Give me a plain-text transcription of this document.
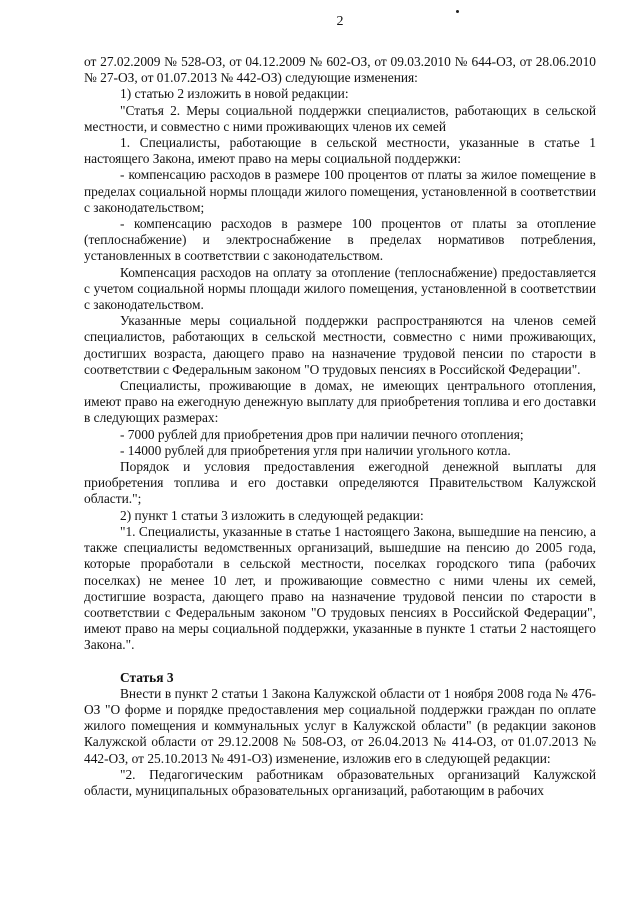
2

от 27.02.2009 № 528-ОЗ, от 04.12.2009 № 602-ОЗ, от 09.03.2010 № 644-ОЗ, от 28.06.2010 № 27-ОЗ, от 01.07.2013 № 442-ОЗ) следующие изменения:

1) статью 2 изложить в новой редакции:

"Статья 2. Меры социальной поддержки специалистов, работающих в сельской местности, и совместно с ними проживающих членов их семей

1. Специалисты, работающие в сельской местности, указанные в статье 1 настоящего Закона, имеют право на меры социальной поддержки:

- компенсацию расходов в размере 100 процентов от платы за жилое помещение в пределах социальной нормы площади жилого помещения, установленной в соответствии с законодательством;

- компенсацию расходов в размере 100 процентов от платы за отопление (теплоснабжение) и электроснабжение в пределах нормативов потребления, установленных в соответствии с законодательством.

Компенсация расходов на оплату за отопление (теплоснабжение) предоставляется с учетом социальной нормы площади жилого помещения, установленной в соответствии с законодательством.

Указанные меры социальной поддержки распространяются на членов семей специалистов, работающих в сельской местности, совместно с ними проживающих, достигших возраста, дающего право на назначение трудовой пенсии по старости в соответствии с Федеральным законом "О трудовых пенсиях в Российской Федерации".

Специалисты, проживающие в домах, не имеющих центрального отопления, имеют право на ежегодную денежную выплату для приобретения топлива и его доставки в следующих размерах:

- 7000 рублей для приобретения дров при наличии печного отопления;

- 14000 рублей для приобретения угля при наличии угольного котла.

Порядок и условия предоставления ежегодной денежной выплаты для приобретения топлива и его доставки определяются Правительством Калужской области.";

2) пункт 1 статьи 3 изложить в следующей редакции:

"1. Специалисты, указанные в статье 1 настоящего Закона, вышедшие на пенсию, а также специалисты ведомственных организаций, вышедшие на пенсию до 2005 года, которые проработали в сельской местности, поселках городского типа (рабочих поселках) не менее 10 лет, и проживающие совместно с ними члены их семей, достигшие возраста, дающего право на назначение трудовой пенсии по старости в соответствии с Федеральным законом "О трудовых пенсиях в Российской Федерации", имеют право на меры социальной поддержки, указанные в пункте 1 статьи 2 настоящего Закона.".

Статья 3

Внести в пункт 2 статьи 1 Закона Калужской области от 1 ноября 2008 года № 476-ОЗ "О форме и порядке предоставления мер социальной поддержки граждан по оплате жилого помещения и коммунальных услуг в Калужской области" (в редакции законов Калужской области от 29.12.2008 № 508-ОЗ, от 26.04.2013 № 414-ОЗ, от 01.07.2013 № 442-ОЗ, от 25.10.2013 № 491-ОЗ) изменение, изложив его в следующей редакции:

"2. Педагогическим работникам образовательных организаций Калужской области, муниципальных образовательных организаций, работающим в рабочих
